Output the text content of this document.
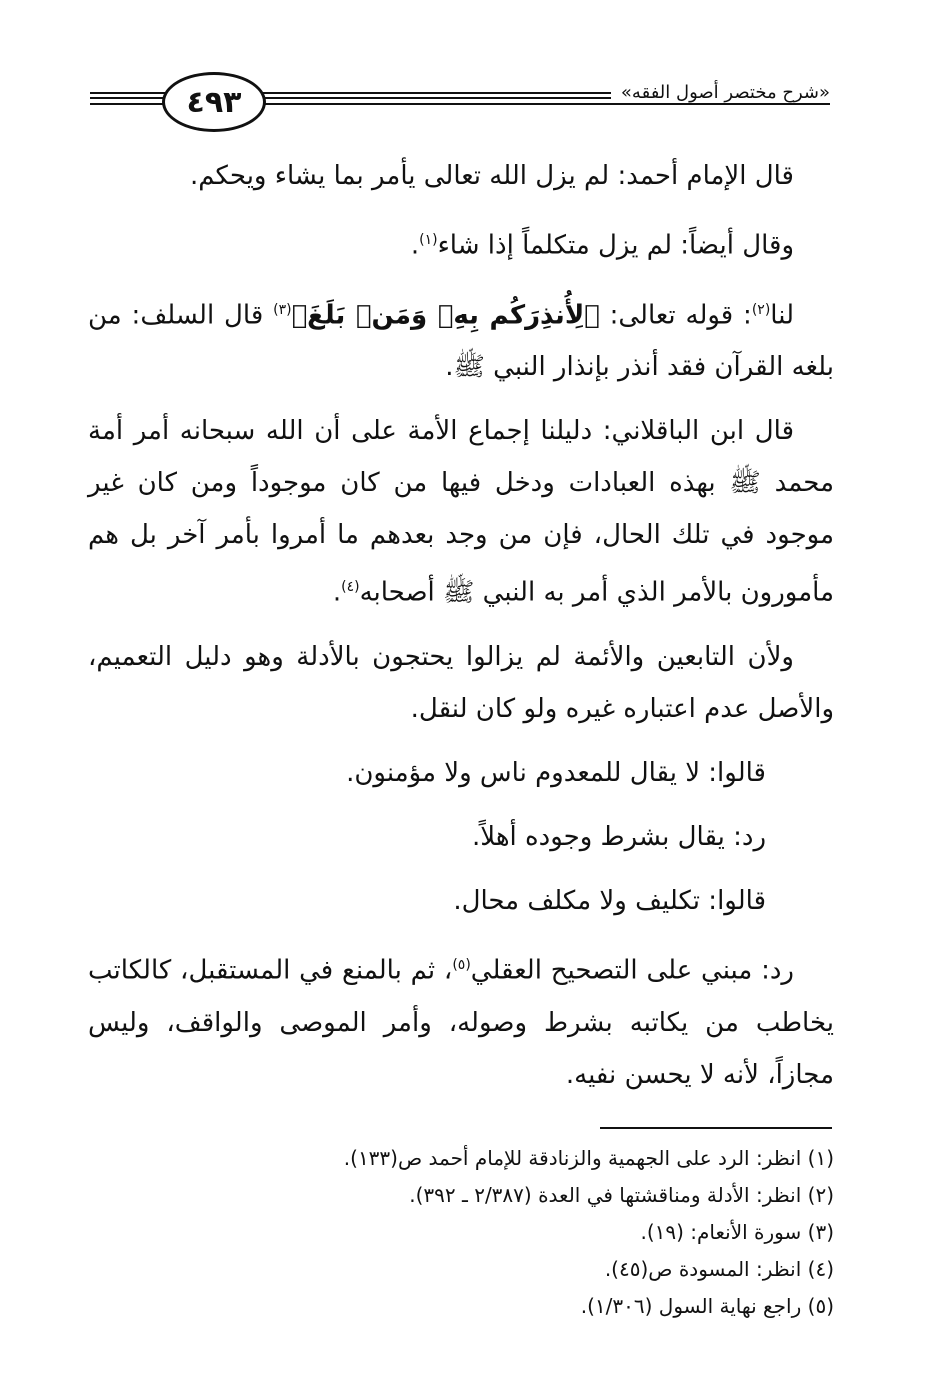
٤٩٣	«شرح مختصر أصول الفقه»

قال الإمام أحمد: لم يزل الله تعالى يأمر بما يشاء ويحكم.

وقال أيضاً: لم يزل متكلماً إذا شاء$^{(١)}$.

لنا$^{(٢)}$: قوله تعالى: ﴿لِأُنذِرَكُم بِهِۦ وَمَنۢ بَلَغَ﴾$^{(٣)}$ قال السلف: من بلغه القرآن فقد أنذر بإنذار النبي ﷺ.

قال ابن الباقلاني: دليلنا إجماع الأمة على أن الله سبحانه أمر أمة محمد ﷺ بهذه العبادات ودخل فيها من كان موجوداً ومن كان غير موجود في تلك الحال، فإن من وجد بعدهم ما أمروا بأمر آخر بل هم مأمورون بالأمر الذي أمر به النبي ﷺ أصحابه$^{(٤)}$.

ولأن التابعين والأئمة لم يزالوا يحتجون بالأدلة وهو دليل التعميم، والأصل عدم اعتباره غيره ولو كان لنقل.

قالوا: لا يقال للمعدوم ناس ولا مؤمنون.

رد: يقال بشرط وجوده أهلاً.

قالوا: تكليف ولا مكلف محال.

رد: مبني على التصحيح العقلي$^{(٥)}$، ثم بالمنع في المستقبل، كالكاتب يخاطب من يكاتبه بشرط وصوله، وأمر الموصى والواقف، وليس مجازاً، لأنه لا يحسن نفيه.

(١) انظر: الرد على الجهمية والزنادقة للإمام أحمد ص(١٣٣).

(٢) انظر: الأدلة ومناقشتها في العدة (٢/٣٨٧ ـ ٣٩٢).

(٣) سورة الأنعام: (١٩).

(٤) انظر: المسودة ص(٤٥).

(٥) راجع نهاية السول (١/٣٠٦).
